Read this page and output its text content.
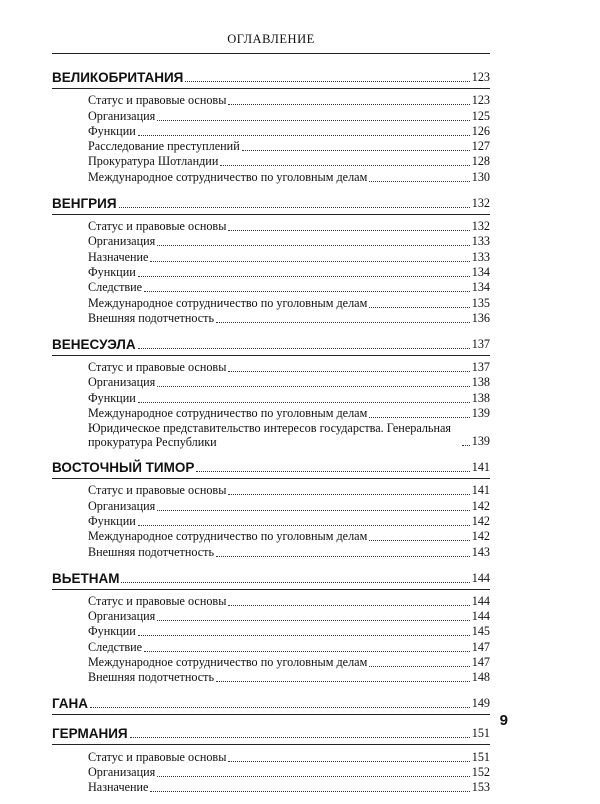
ОГЛАВЛЕНИЕ
ВЕЛИКОБРИТАНИЯ	123
Статус и правовые основы	123
Организация	125
Функции	126
Расследование преступлений	127
Прокуратура Шотландии	128
Международное сотрудничество по уголовным делам	130
ВЕНГРИЯ	132
Статус и правовые основы	132
Организация	133
Назначение	133
Функции	134
Следствие	134
Международное сотрудничество по уголовным делам	135
Внешняя подотчетность	136
ВЕНЕСУЭЛА	137
Статус и правовые основы	137
Организация	138
Функции	138
Международное сотрудничество по уголовным делам	139
Юридическое представительство интересов государства. Генеральная прокуратура Республики	139
ВОСТОЧНЫЙ ТИМОР	141
Статус и правовые основы	141
Организация	142
Функции	142
Международное сотрудничество по уголовным делам	142
Внешняя подотчетность	143
ВЬЕТНАМ	144
Статус и правовые основы	144
Организация	144
Функции	145
Следствие	147
Международное сотрудничество по уголовным делам	147
Внешняя подотчетность	148
ГАНА	149
ГЕРМАНИЯ	151
Статус и правовые основы	151
Организация	152
Назначение	153
9
